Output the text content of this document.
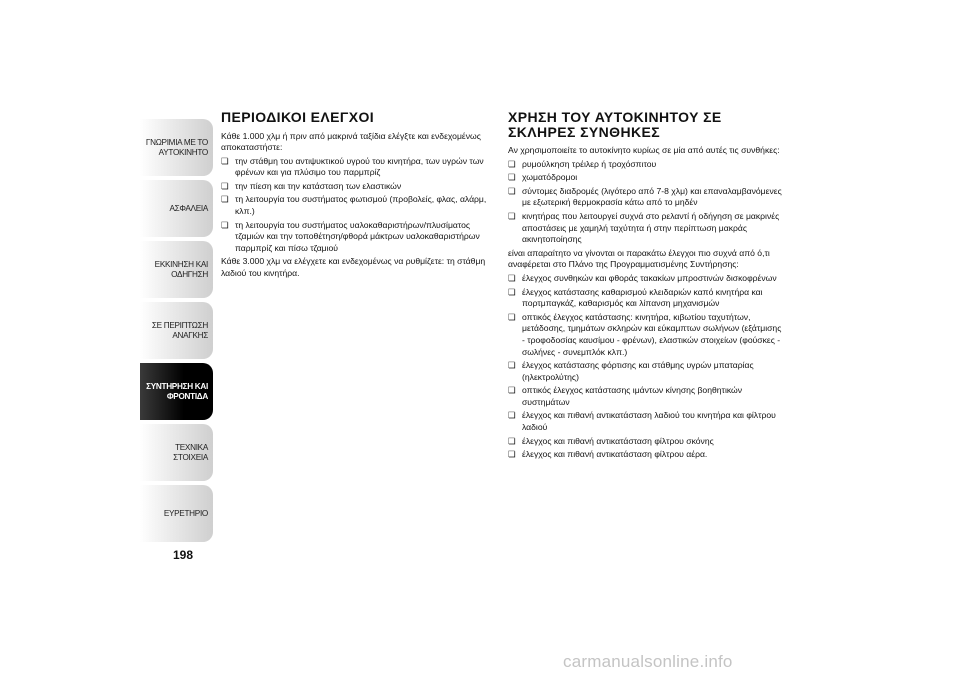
ΓΝΩΡΙΜΙΑ ΜΕ ΤΟ
ΑΥΤΟΚΙΝΗΤΟ
ΑΣΦΑΛΕΙΑ
ΕΚΚΙΝΗΣΗ ΚΑΙ
ΟΔΗΓΗΣΗ
ΣΕ ΠΕΡΙΠΤΩΣΗ
ΑΝΑΓΚΗΣ
ΣΥΝΤΗΡΗΣΗ ΚΑΙ
ΦΡΟΝΤΙΔΑ
ΤΕΧΝΙΚΑ ΣΤΟΙΧΕΙΑ
ΕΥΡΕΤΗΡΙΟ
198
ΠΕΡΙΟΔΙΚΟΙ ΕΛΕΓΧΟΙ

Κάθε 1.000 χλμ ή πριν από μακρινά ταξίδια ελέγξτε και ενδεχομένως αποκαταστήστε:

❏ την στάθμη του αντιψυκτικού υγρού του κινητήρα, των υγρών των φρένων και για πλύσιμο του παρμπρίζ
❏ την πίεση και την κατάσταση των ελαστικών
❏ τη λειτουργία του συστήματος φωτισμού (προβολείς, φλας, αλάρμ, κλπ.)
❏ τη λειτουργία του συστήματος υαλοκαθαριστήρων/πλυσίματος τζαμιών και την τοποθέτηση/φθορά μάκτρων υαλοκαθαριστήρων παρμπρίζ και πίσω τζαμιού

Κάθε 3.000 χλμ να ελέγχετε και ενδεχομένως να ρυθμίζετε: τη στάθμη λαδιού του κινητήρα.

ΧΡΗΣΗ ΤΟΥ ΑΥΤΟΚΙΝΗΤΟΥ ΣΕ
ΣΚΛΗΡΕΣ ΣΥΝΘΗΚΕΣ

Αν χρησιμοποιείτε το αυτοκίνητο κυρίως σε μία από αυτές τις συνθήκες:

❏ ρυμούλκηση τρέιλερ ή τροχόσπιτου
❏ χωματόδρομοι
❏ σύντομες διαδρομές (λιγότερο από 7-8 χλμ) και επαναλαμβανόμενες με εξωτερική θερμοκρασία κάτω από το μηδέν
❏ κινητήρας που λειτουργεί συχνά στο ρελαντί ή οδήγηση σε μακρινές αποστάσεις με χαμηλή ταχύτητα ή στην περίπτωση μακράς ακινητοποίησης

είναι απαραίτητο να γίνονται οι παρακάτω έλεγχοι πιο συχνά από ό,τι αναφέρεται στο Πλάνο της Προγραμματισμένης Συντήρησης:

❏ έλεγχος συνθηκών και φθοράς τακακίων μπροστινών δισκοφρένων
❏ έλεγχος κατάστασης καθαρισμού κλειδαριών καπό κινητήρα και πορτμπαγκάζ, καθαρισμός και λίπανση μηχανισμών
❏ οπτικός έλεγχος κατάστασης: κινητήρα, κιβωτίου ταχυτήτων, μετάδοσης, τμημάτων σκληρών και εύκαμπτων σωλήνων (εξάτμισης - τροφοδοσίας καυσίμου - φρένων), ελαστικών στοιχείων (φούσκες - σωλήνες - συνεμπλόκ κλπ.)
❏ έλεγχος κατάστασης φόρτισης και στάθμης υγρών μπαταρίας (ηλεκτρολύτης)
❏ οπτικός έλεγχος κατάστασης ιμάντων κίνησης βοηθητικών συστημάτων
❏ έλεγχος και πιθανή αντικατάσταση λαδιού του κινητήρα και φίλτρου λαδιού
❏ έλεγχος και πιθανή αντικατάσταση φίλτρου σκόνης
❏ έλεγχος και πιθανή αντικατάσταση φίλτρου αέρα.
carmanualsonline.info
